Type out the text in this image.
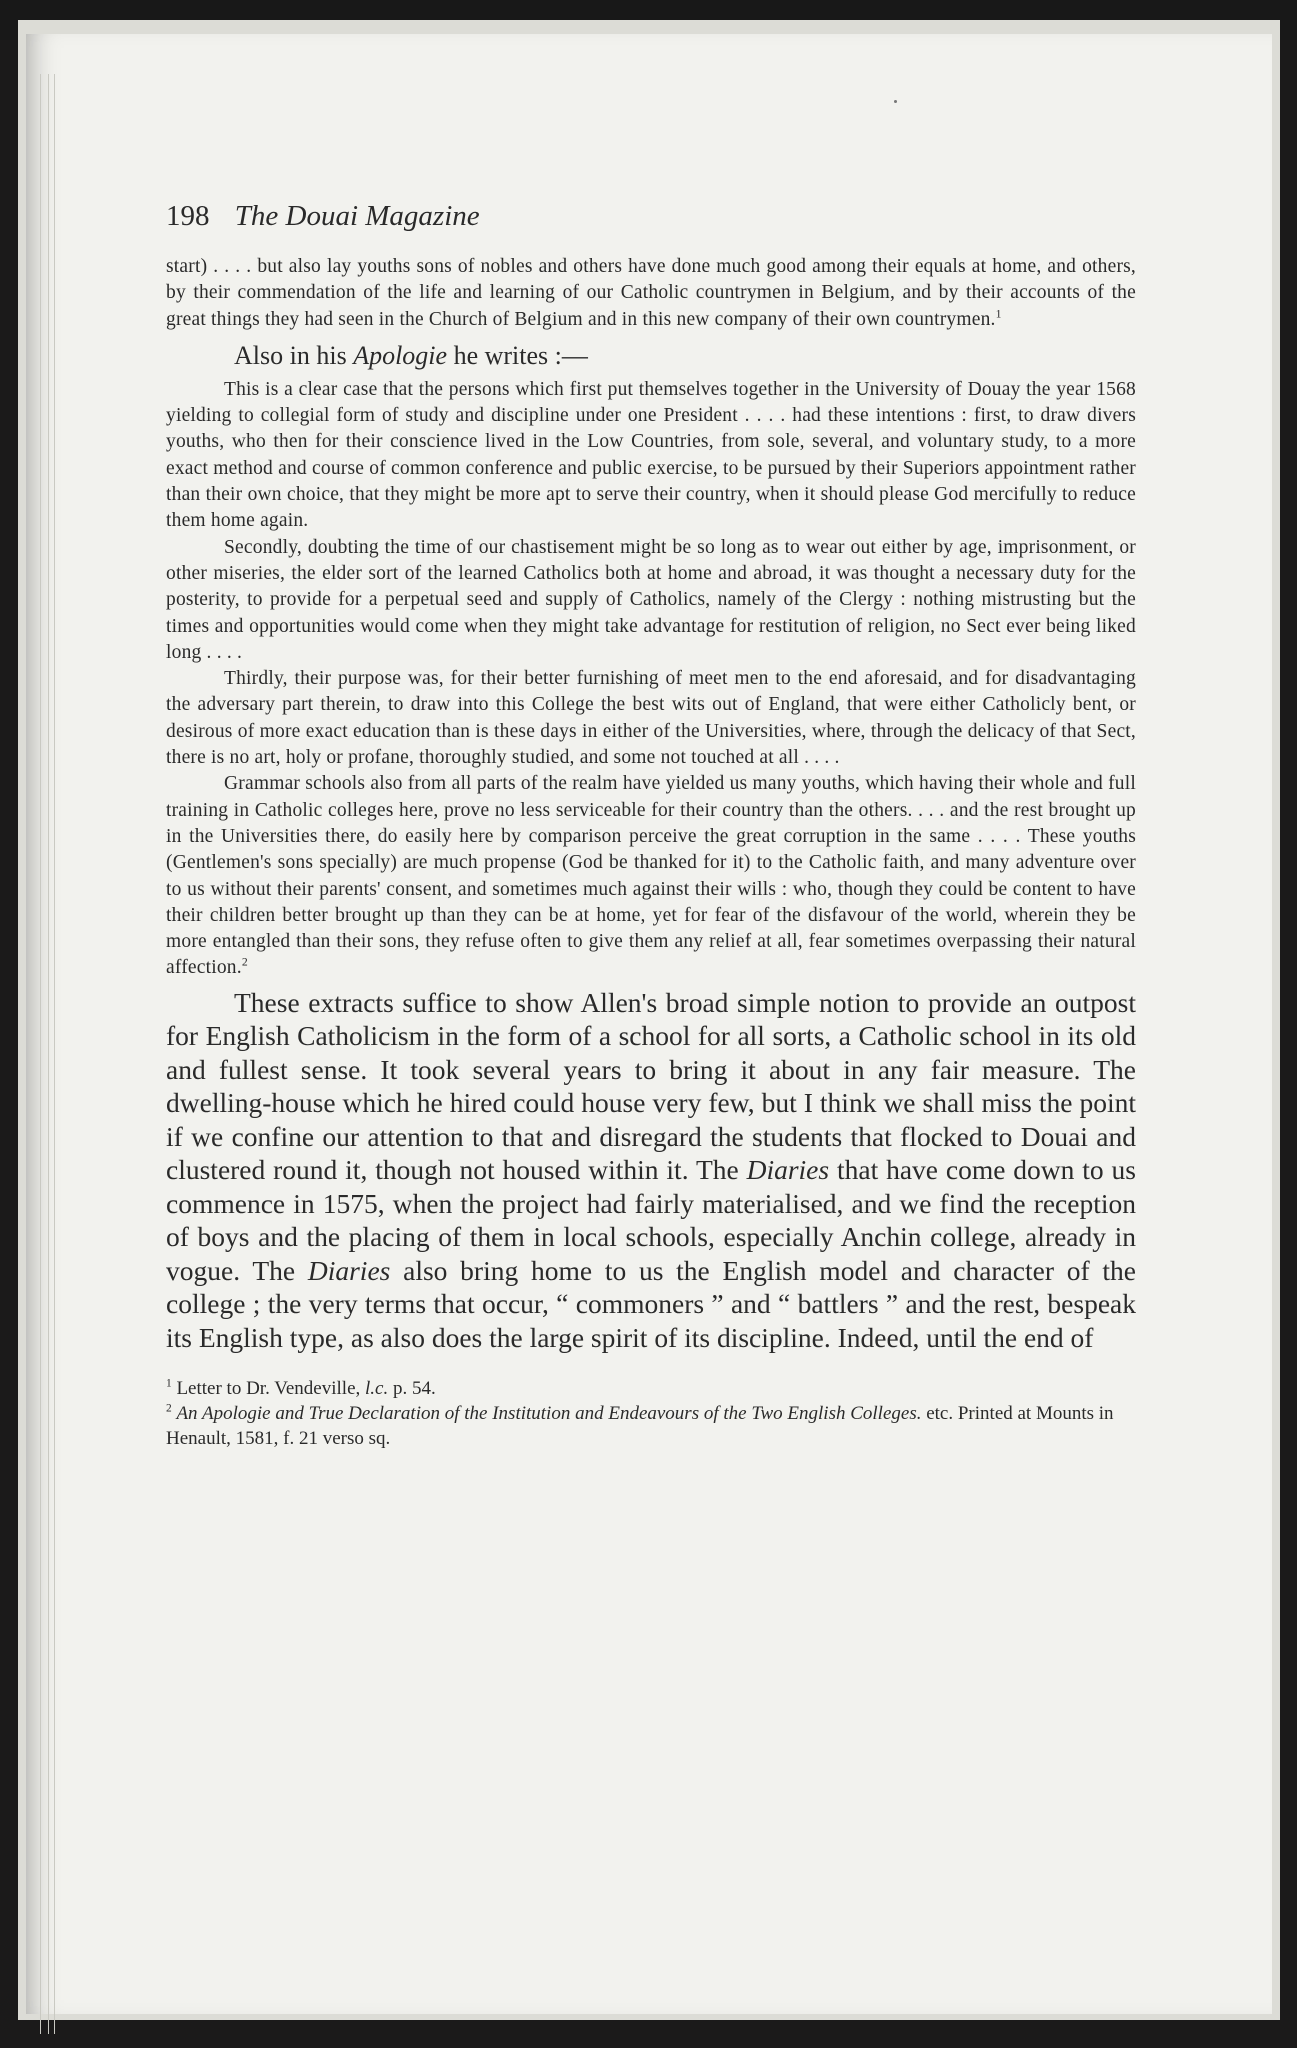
198 The Douai Magazine

start) . . . . but also lay youths sons of nobles and others have done much good among their equals at home, and others, by their commendation of the life and learning of our Catholic countrymen in Belgium, and by their accounts of the great things they had seen in the Church of Belgium and in this new company of their own countrymen.$^1$

Also in his Apologie he writes :—

This is a clear case that the persons which first put themselves together in the University of Douay the year 1568 yielding to collegial form of study and discipline under one President . . . . had these intentions : first, to draw divers youths, who then for their conscience lived in the Low Countries, from sole, several, and voluntary study, to a more exact method and course of common conference and public exercise, to be pursued by their Superiors appointment rather than their own choice, that they might be more apt to serve their country, when it should please God mercifully to reduce them home again.

Secondly, doubting the time of our chastisement might be so long as to wear out either by age, imprisonment, or other miseries, the elder sort of the learned Catholics both at home and abroad, it was thought a necessary duty for the posterity, to provide for a perpetual seed and supply of Catholics, namely of the Clergy : nothing mistrusting but the times and opportunities would come when they might take advantage for restitution of religion, no Sect ever being liked long . . . .

Thirdly, their purpose was, for their better furnishing of meet men to the end aforesaid, and for disadvantaging the adversary part therein, to draw into this College the best wits out of England, that were either Catholicly bent, or desirous of more exact education than is these days in either of the Universities, where, through the delicacy of that Sect, there is no art, holy or profane, thoroughly studied, and some not touched at all . . . .

Grammar schools also from all parts of the realm have yielded us many youths, which having their whole and full training in Catholic colleges here, prove no less serviceable for their country than the others. . . . and the rest brought up in the Universities there, do easily here by comparison perceive the great corruption in the same . . . . These youths (Gentlemen's sons specially) are much propense (God be thanked for it) to the Catholic faith, and many adventure over to us without their parents' consent, and sometimes much against their wills : who, though they could be content to have their children better brought up than they can be at home, yet for fear of the disfavour of the world, wherein they be more entangled than their sons, they refuse often to give them any relief at all, fear sometimes overpassing their natural affection.$^2$

These extracts suffice to show Allen's broad simple notion to provide an outpost for English Catholicism in the form of a school for all sorts, a Catholic school in its old and fullest sense. It took several years to bring it about in any fair measure. The dwelling-house which he hired could house very few, but I think we shall miss the point if we confine our attention to that and disregard the students that flocked to Douai and clustered round it, though not housed within it. The Diaries that have come down to us commence in 1575, when the project had fairly materialised, and we find the reception of boys and the placing of them in local schools, especially Anchin college, already in vogue. The Diaries also bring home to us the English model and character of the college ; the very terms that occur, “ commoners ” and “ battlers ” and the rest, bespeak its English type, as also does the large spirit of its discipline. Indeed, until the end of

$^1$ Letter to Dr. Vendeville, l.c. p. 54.
$^2$ An Apologie and True Declaration of the Institution and Endeavours of the Two English Colleges. etc. Printed at Mounts in Henault, 1581, f. 21 verso sq.
